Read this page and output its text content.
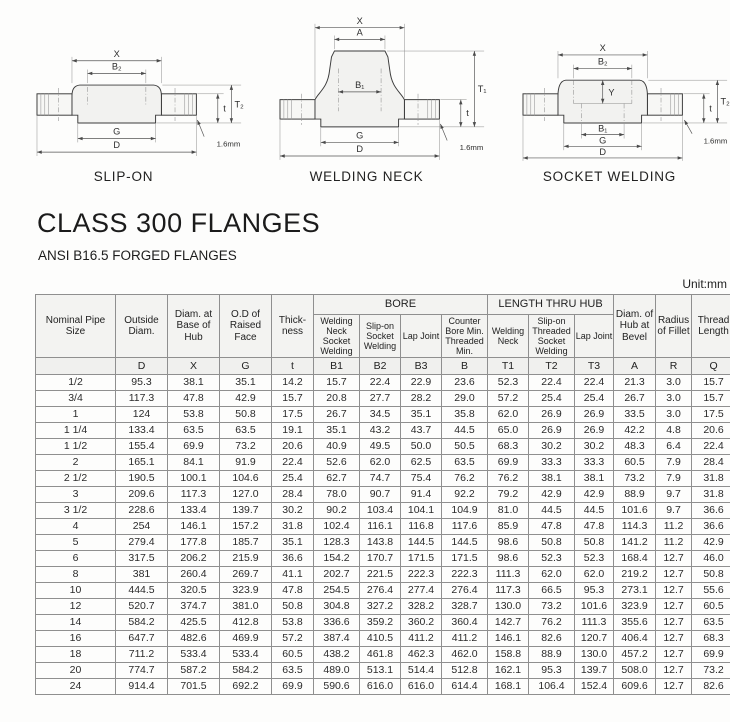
X
B₂
G
D
T₂
t
1.6mm
SLIP-ON
X
A
B₁
G
D
T₁
t
1.6mm
WELDING NECK
X
B₂
Y
B₁
G
D
T₂
t
1.6mm
SOCKET WELDING
CLASS 300 FLANGES
ANSI B16.5 FORGED FLANGES
Unit:mm
Nominal Pipe Size	Outside Diam.	Diam. at Base of Hub	O.D of Raised Face	Thick-ness	BORE				LENGTH THRU HUB			Diam. of Hub at Bevel	Radius of Fillet	Thread Length
					Welding Neck Socket Welding	Slip-on Socket Welding	Lap Joint	Counter Bore Min. Threaded Min.	Welding Neck	Slip-on Threaded Socket Welding	Lap Joint			
	D	X	G	t	B1	B2	B3	B	T1	T2	T3	A	R	Q
1/2	95.3	38.1	35.1	14.2	15.7	22.4	22.9	23.6	52.3	22.4	22.4	21.3	3.0	15.7
3/4	117.3	47.8	42.9	15.7	20.8	27.7	28.2	29.0	57.2	25.4	25.4	26.7	3.0	15.7
1	124	53.8	50.8	17.5	26.7	34.5	35.1	35.8	62.0	26.9	26.9	33.5	3.0	17.5
1 1/4	133.4	63.5	63.5	19.1	35.1	43.2	43.7	44.5	65.0	26.9	26.9	42.2	4.8	20.6
1 1/2	155.4	69.9	73.2	20.6	40.9	49.5	50.0	50.5	68.3	30.2	30.2	48.3	6.4	22.4
2	165.1	84.1	91.9	22.4	52.6	62.0	62.5	63.5	69.9	33.3	33.3	60.5	7.9	28.4
2 1/2	190.5	100.1	104.6	25.4	62.7	74.7	75.4	76.2	76.2	38.1	38.1	73.2	7.9	31.8
3	209.6	117.3	127.0	28.4	78.0	90.7	91.4	92.2	79.2	42.9	42.9	88.9	9.7	31.8
3 1/2	228.6	133.4	139.7	30.2	90.2	103.4	104.1	104.9	81.0	44.5	44.5	101.6	9.7	36.6
4	254	146.1	157.2	31.8	102.4	116.1	116.8	117.6	85.9	47.8	47.8	114.3	11.2	36.6
5	279.4	177.8	185.7	35.1	128.3	143.8	144.5	144.5	98.6	50.8	50.8	141.2	11.2	42.9
6	317.5	206.2	215.9	36.6	154.2	170.7	171.5	171.5	98.6	52.3	52.3	168.4	12.7	46.0
8	381	260.4	269.7	41.1	202.7	221.5	222.3	222.3	111.3	62.0	62.0	219.2	12.7	50.8
10	444.5	320.5	323.9	47.8	254.5	276.4	277.4	276.4	117.3	66.5	95.3	273.1	12.7	55.6
12	520.7	374.7	381.0	50.8	304.8	327.2	328.2	328.7	130.0	73.2	101.6	323.9	12.7	60.5
14	584.2	425.5	412.8	53.8	336.6	359.2	360.2	360.4	142.7	76.2	111.3	355.6	12.7	63.5
16	647.7	482.6	469.9	57.2	387.4	410.5	411.2	411.2	146.1	82.6	120.7	406.4	12.7	68.3
18	711.2	533.4	533.4	60.5	438.2	461.8	462.3	462.0	158.8	88.9	130.0	457.2	12.7	69.9
20	774.7	587.2	584.2	63.5	489.0	513.1	514.4	512.8	162.1	95.3	139.7	508.0	12.7	73.2
24	914.4	701.5	692.2	69.9	590.6	616.0	616.0	614.4	168.1	106.4	152.4	609.6	12.7	82.6
